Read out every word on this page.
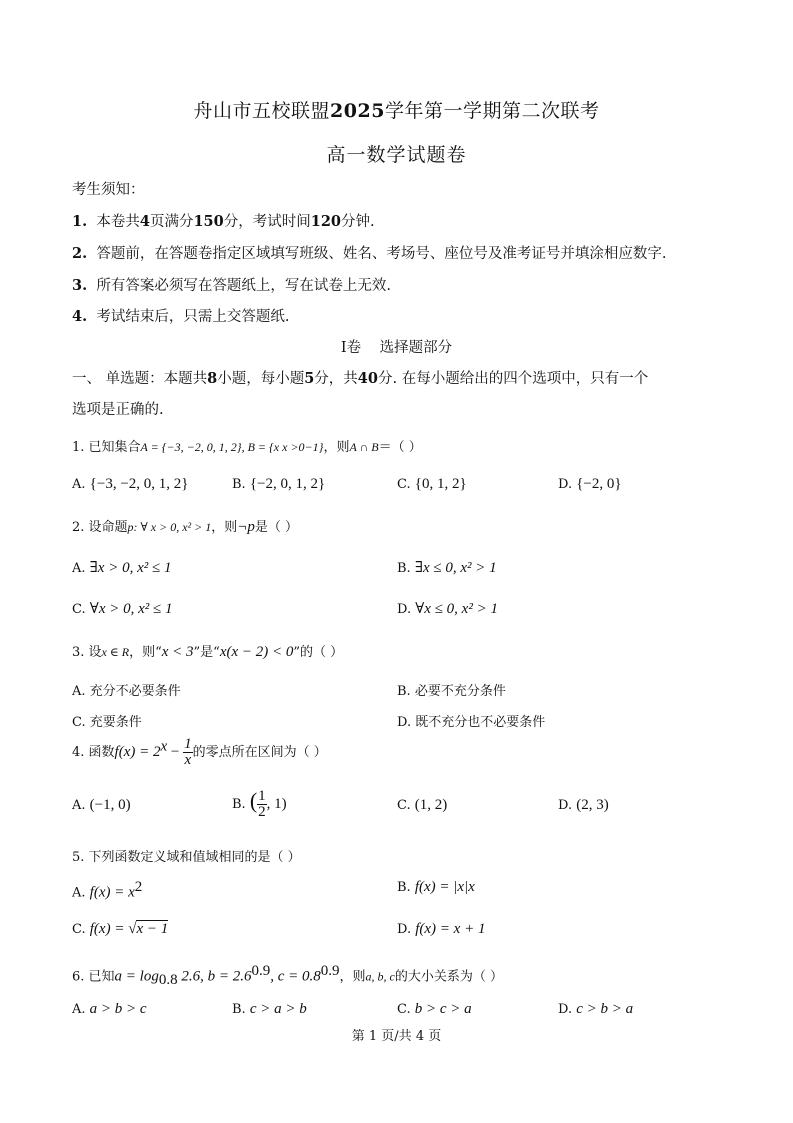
舟山市五校联盟2025学年第一学期第二次联考
高一数学试题卷
考生须知：
1. 本卷共4页满分150分，考试时间120分钟.
2. 答题前，在答题卷指定区域填写班级、姓名、考场号、座位号及准考证号并填涂相应数字.
3. 所有答案必须写在答题纸上，写在试卷上无效.
4. 考试结束后，只需上交答题纸.
I卷 选择题部分
一、 单选题：本题共8小题，每小题5分，共40分. 在每小题给出的四个选项中，只有一个
选项是正确的.
1. 已知集合A = {−3, −2, 0, 1, 2}, B = {x x >0−1}，则A ∩ B＝（ ）
A. {−3, −2, 0, 1, 2}	B. {−2, 0, 1, 2}	C. {0, 1, 2}	D. {−2, 0}
2. 设命题p: ∀ x > 0, x² > 1，则¬p是（ ）
A. ∃x > 0, x² ≤ 1	B. ∃x ≤ 0, x² > 1
C. ∀x > 0, x² ≤ 1	D. ∀x ≤ 0, x² > 1
3. 设x ∈ R，则“x < 3”是“x(x − 2) < 0”的（ ）
A. 充分不必要条件	B. 必要不充分条件
C. 充要条件	D. 既不充分也不必要条件
4. 函数$f(x) = 2^x - \frac{1}{x}$ 的零点所在区间为（ ）
A. (−1, 0)	B. ( $\frac{1}{2}$ , 1)	C. (1, 2)	D. (2, 3)
5. 下列函数定义域和值域相同的是（ ）
A. $f(x) = x^2$	B. f(x) = |x|x
C. f(x) = √x − 1	D. f(x) = x + 1
6. 已知$a = \log_{0.8} 2.6$, $b = 2.6^{0.9}$, $c = 0.8^{0.9}$，则a, b, c的大小关系为（ ）
A. a > b > c	B. c > a > b	C. b > c > a	D. c > b > a
第 1 页/共 4 页
